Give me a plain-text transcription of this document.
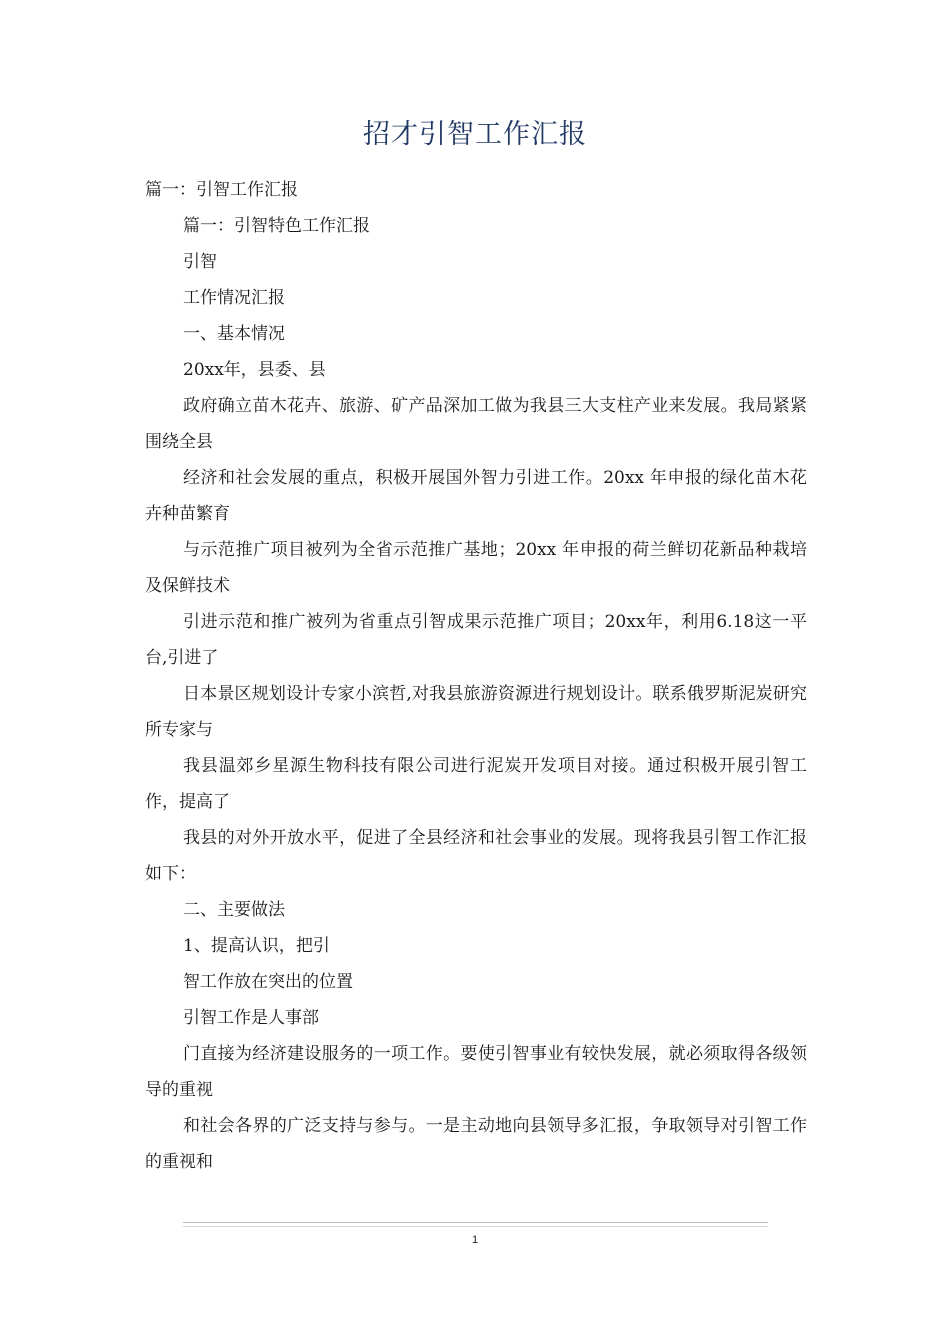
招才引智工作汇报

篇一：引智工作汇报

篇一：引智特色工作汇报

引智

工作情况汇报

一、基本情况

20xx年，县委、县

政府确立苗木花卉、旅游、矿产品深加工做为我县三大支柱产业来发展。我局紧紧围绕全县

经济和社会发展的重点，积极开展国外智力引进工作。20xx 年申报的绿化苗木花卉种苗繁育

与示范推广项目被列为全省示范推广基地；20xx 年申报的荷兰鲜切花新品种栽培及保鲜技术

引进示范和推广被列为省重点引智成果示范推广项目；20xx年，利用6.18这一平台,引进了

日本景区规划设计专家小滨哲,对我县旅游资源进行规划设计。联系俄罗斯泥炭研究所专家与

我县温郊乡星源生物科技有限公司进行泥炭开发项目对接。通过积极开展引智工作，提高了

我县的对外开放水平，促进了全县经济和社会事业的发展。现将我县引智工作汇报如下：

二、主要做法

1、提高认识，把引

智工作放在突出的位置

引智工作是人事部

门直接为经济建设服务的一项工作。要使引智事业有较快发展，就必须取得各级领导的重视

和社会各界的广泛支持与参与。一是主动地向县领导多汇报，争取领导对引智工作的重视和

1
